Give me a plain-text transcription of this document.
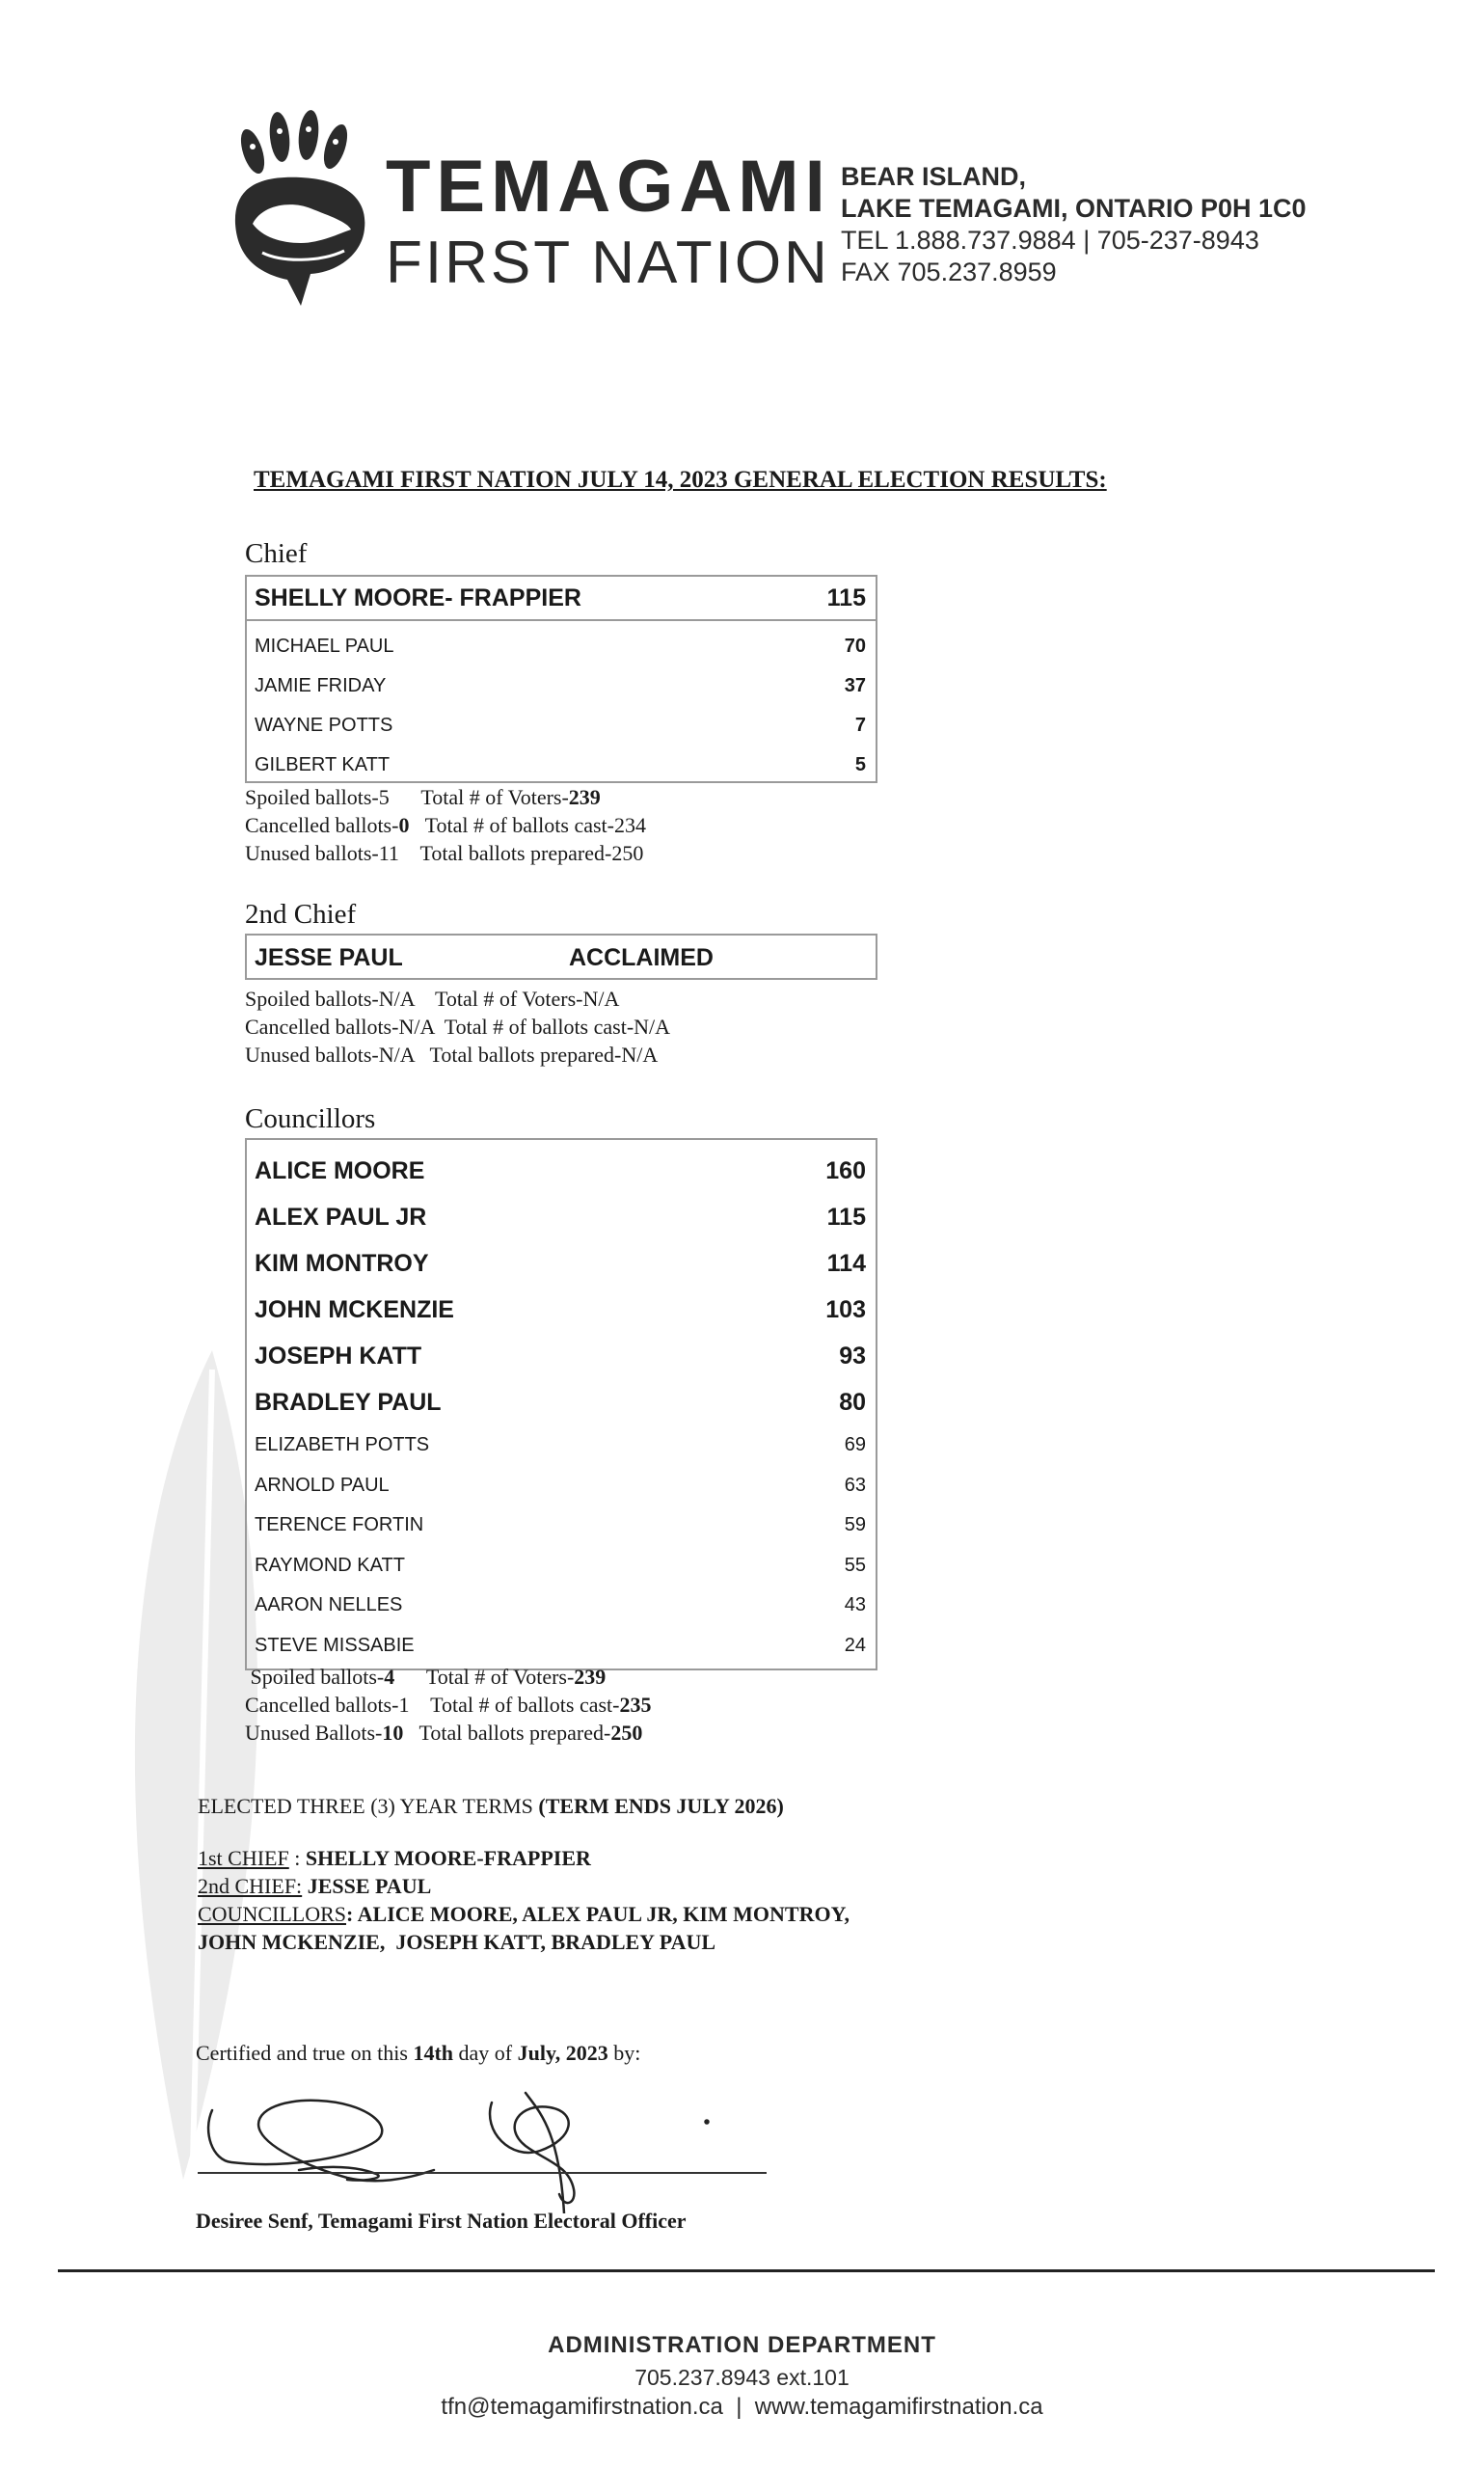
TEMAGAMI
FIRST NATION
BEAR ISLAND,
LAKE TEMAGAMI, ONTARIO P0H 1C0
TEL 1.888.737.9884 | 705-237-8943
FAX 705.237.8959
TEMAGAMI FIRST NATION JULY 14, 2023 GENERAL ELECTION RESULTS:
Chief
SHELLY MOORE- FRAPPIER	115
MICHAEL PAUL	70
JAMIE FRIDAY	37
WAYNE POTTS	7
GILBERT KATT	5
Spoiled ballots-5 Total # of Voters-239
Cancelled ballots-0 Total # of ballots cast-234
Unused ballots-11 Total ballots prepared-250
2nd Chief
JESSE PAUL	ACCLAIMED
Spoiled ballots-N/A Total # of Voters-N/A
Cancelled ballots-N/A Total # of ballots cast-N/A
Unused ballots-N/A Total ballots prepared-N/A
Councillors
ALICE MOORE	160
ALEX PAUL JR	115
KIM MONTROY	114
JOHN MCKENZIE	103
JOSEPH KATT	93
BRADLEY PAUL	80
ELIZABETH POTTS	69
ARNOLD PAUL	63
TERENCE FORTIN	59
RAYMOND KATT	55
AARON NELLES	43
STEVE MISSABIE	24
Spoiled ballots-4 Total # of Voters-239
Cancelled ballots-1 Total # of ballots cast-235
Unused Ballots-10 Total ballots prepared-250
ELECTED THREE (3) YEAR TERMS (TERM ENDS JULY 2026)
1st CHIEF : SHELLY MOORE-FRAPPIER
2nd CHIEF: JESSE PAUL
COUNCILLORS: ALICE MOORE, ALEX PAUL JR, KIM MONTROY,
JOHN MCKENZIE,  JOSEPH KATT, BRADLEY PAUL
Certified and true on this 14th day of July, 2023 by:
Desiree Senf, Temagami First Nation Electoral Officer
ADMINISTRATION DEPARTMENT
705.237.8943 ext.101
tfn@temagamifirstnation.ca  |  www.temagamifirstnation.ca
